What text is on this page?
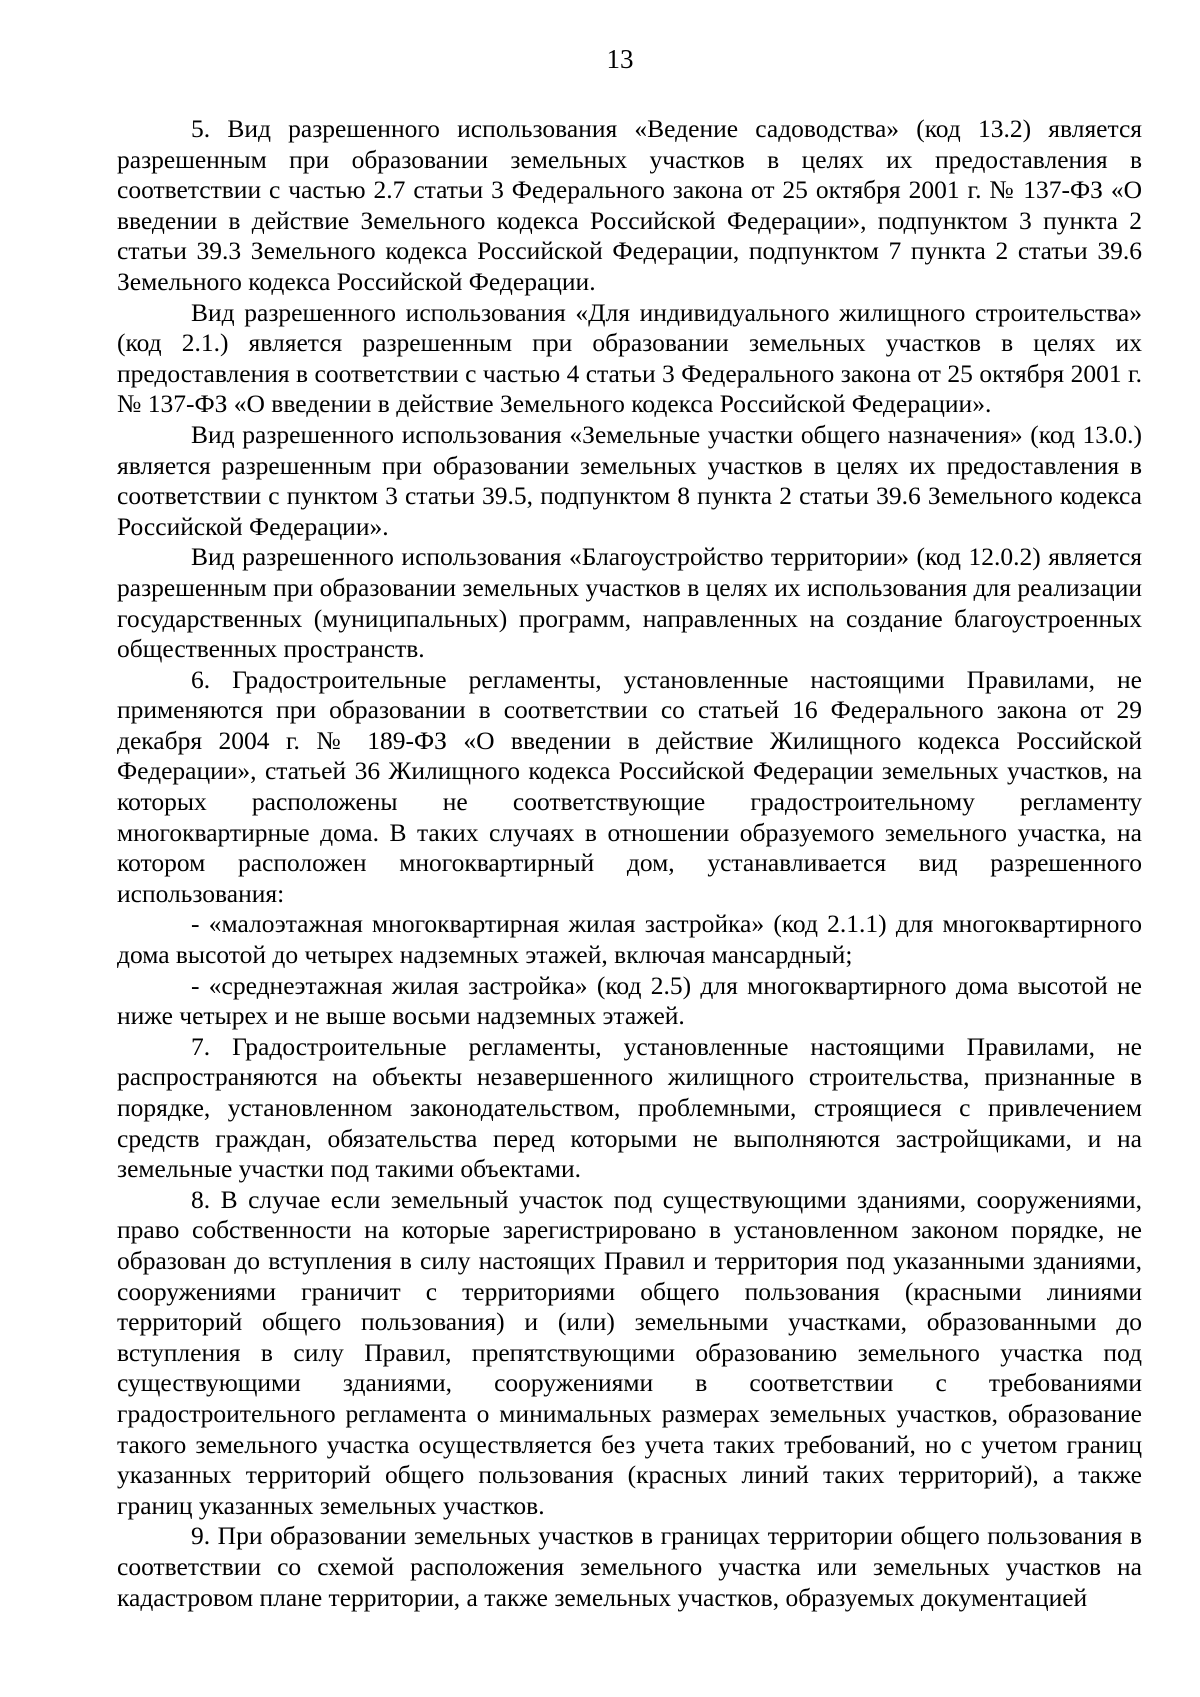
13

5. Вид разрешенного использования «Ведение садоводства» (код 13.2) является разрешенным при образовании земельных участков в целях их предоставления в соответствии с частью 2.7 статьи 3 Федерального закона от 25 октября 2001 г. № 137-ФЗ «О введении в действие Земельного кодекса Российской Федерации», подпунктом 3 пункта 2 статьи 39.3 Земельного кодекса Российской Федерации, подпунктом 7 пункта 2 статьи 39.6 Земельного кодекса Российской Федерации.

Вид разрешенного использования «Для индивидуального жилищного строительства» (код 2.1.) является разрешенным при образовании земельных участков в целях их предоставления в соответствии с частью 4 статьи 3 Федерального закона от 25 октября 2001 г. № 137-ФЗ «О введении в действие Земельного кодекса Российской Федерации».

Вид разрешенного использования «Земельные участки общего назначения» (код 13.0.) является разрешенным при образовании земельных участков в целях их предоставления в соответствии с пунктом 3 статьи 39.5, подпунктом 8 пункта 2 статьи 39.6 Земельного кодекса Российской Федерации».

Вид разрешенного использования «Благоустройство территории» (код 12.0.2) является разрешенным при образовании земельных участков в целях их использования для реализации государственных (муниципальных) программ, направленных на создание благоустроенных общественных пространств.

6. Градостроительные регламенты, установленные настоящими Правилами, не применяются при образовании в соответствии со статьей 16 Федерального закона от 29 декабря 2004 г. № 189-ФЗ «О введении в действие Жилищного кодекса Российской Федерации», статьей 36 Жилищного кодекса Российской Федерации земельных участков, на которых расположены не соответствующие градостроительному регламенту многоквартирные дома. В таких случаях в отношении образуемого земельного участка, на котором расположен многоквартирный дом, устанавливается вид разрешенного использования:

- «малоэтажная многоквартирная жилая застройка» (код 2.1.1) для многоквартирного дома высотой до четырех надземных этажей, включая мансардный;

- «среднеэтажная жилая застройка» (код 2.5) для многоквартирного дома высотой не ниже четырех и не выше восьми надземных этажей.

7. Градостроительные регламенты, установленные настоящими Правилами, не распространяются на объекты незавершенного жилищного строительства, признанные в порядке, установленном законодательством, проблемными, строящиеся с привлечением средств граждан, обязательства перед которыми не выполняются застройщиками, и на земельные участки под такими объектами.

8. В случае если земельный участок под существующими зданиями, сооружениями, право собственности на которые зарегистрировано в установленном законом порядке, не образован до вступления в силу настоящих Правил и территория под указанными зданиями, сооружениями граничит с территориями общего пользования (красными линиями территорий общего пользования) и (или) земельными участками, образованными до вступления в силу Правил, препятствующими образованию земельного участка под существующими зданиями, сооружениями в соответствии с требованиями градостроительного регламента о минимальных размерах земельных участков, образование такого земельного участка осуществляется без учета таких требований, но с учетом границ указанных территорий общего пользования (красных линий таких территорий), а также границ указанных земельных участков.

9. При образовании земельных участков в границах территории общего пользования в соответствии со схемой расположения земельного участка или земельных участков на кадастровом плане территории, а также земельных участков, образуемых документацией
